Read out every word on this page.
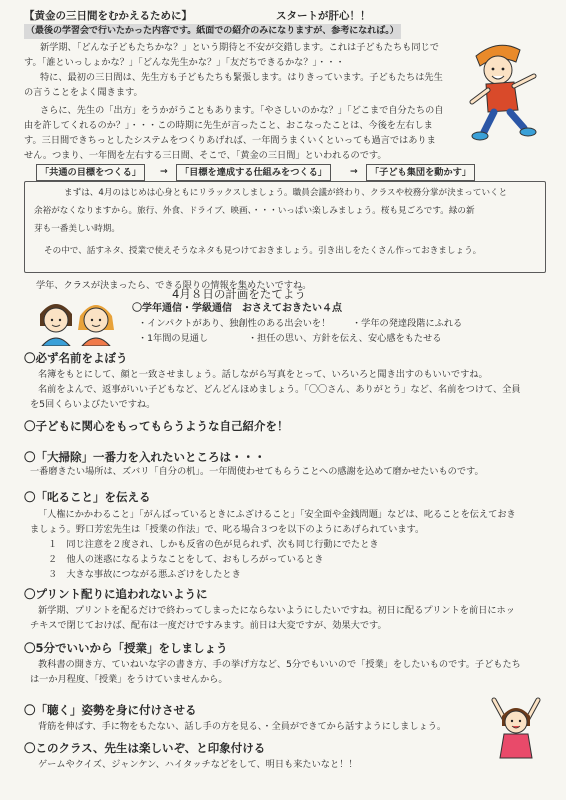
【黄金の三日間をむかえるために】	スタートが肝心！！
（最後の学習会で行いたかった内容です。紙面での紹介のみになりますが、参考になれば。）
新学期、「どんな子どもたちかな？」という期待と不安が交錯します。これは子どもたちも同じで
す。「誰といっしょかな？」「どんな先生かな？」「友だちできるかな？」・・・
特に、最初の三日間は、先生方も子どもたちも緊張します。はりきっています。子どもたちは先生
の言うことをよく聞きます。
さらに、先生の「出方」をうかがうこともあります。「やさしいのかな？」「どこまで自分たちの自
由を許してくれるのか？」・・・この時期に先生が言ったこと、おこなったことは、今後を左右しま
す。三日間できちっとしたシステムをつくりあげれば、一年間うまくいくといっても過言ではありま
せん。つまり、一年間を左右する三日間、そこで、「黄金の三日間」といわれるのです。
「共通の目標をつくる」	→	「目標を達成する仕組みをつくる」	→	「子ども集団を動かす」
まずは、4月のはじめは心身ともにリラックスしましょう。職員会議が終わり、クラスや校務分掌が決まっていくと
余裕がなくなりますから。旅行、外食、ドライブ、映画、・・・いっぱい楽しみましょう。桜も見ごろです。緑の新
芽も一番美しい時期。
その中で、話すネタ、授業で使えそうなネタも見つけておきましょう。引き出しをたくさん作っておきましょう。
学年、クラスが決まったら、できる限りの情報を集めたいですね。
4月８日の計画をたてよう
〇学年通信・学級通信　おさえておきたい４点
・インパクトがあり、独創性のある出会いを！ ・学年の発達段階にふれる
・1年間の見通し	・担任の思い、方針を伝え、安心感をもたせる
〇必ず名前をよぼう
名簿をもとにして、顔と一致させましょう。話しながら写真をとって、いろいろと聞き出すのもいいですね。
名前をよんで、返事がいい子どもなど、どんどんほめましょう。「〇〇さん、ありがとう」など、名前をつけて、全員
を5回くらいよびたいですね。
〇子どもに関心をもってもらうような自己紹介を！
〇「大掃除」一番力を入れたいところは・・・
一番磨きたい場所は、ズバリ「自分の机」。一年間使わせてもらうことへの感謝を込めて磨かせたいものです。
〇「叱ること」を伝える
「人権にかかわること」「がんばっているときにふざけること」「安全面や金銭問題」などは、叱ることを伝えておき
ましょう。野口芳宏先生は「授業の作法」で、叱る場合３つを以下のようにあげられています。
１　同じ注意を２度され、しかも反省の色が見られず、次も同じ行動にでたとき
２　他人の迷惑になるようなことをして、おもしろがっているとき
３　大きな事故につながる悪ふざけをしたとき
〇プリント配りに追われないように
新学期、プリントを配るだけで終わってしまったにならないようにしたいですね。初日に配るプリントを前日にホッ
チキスで閉じておけば、配布は一度だけですみます。前日は大変ですが、効果大です。
〇5分でいいから「授業」をしましょう
教科書の開き方、ていねいな字の書き方、手の挙げ方など、5分でもいいので「授業」をしたいものです。子どもたち
は一か月程度、「授業」をうけていませんから。
〇「聴く」姿勢を身に付けさせる
背筋を伸ばす、手に物をもたない、話し手の方を見る、・全員ができてから話すようにしましょう。
〇このクラス、先生は楽しいぞ、と印象付ける
ゲームやクイズ、ジャンケン、ハイタッチなどをして、明日も来たいなと！！
